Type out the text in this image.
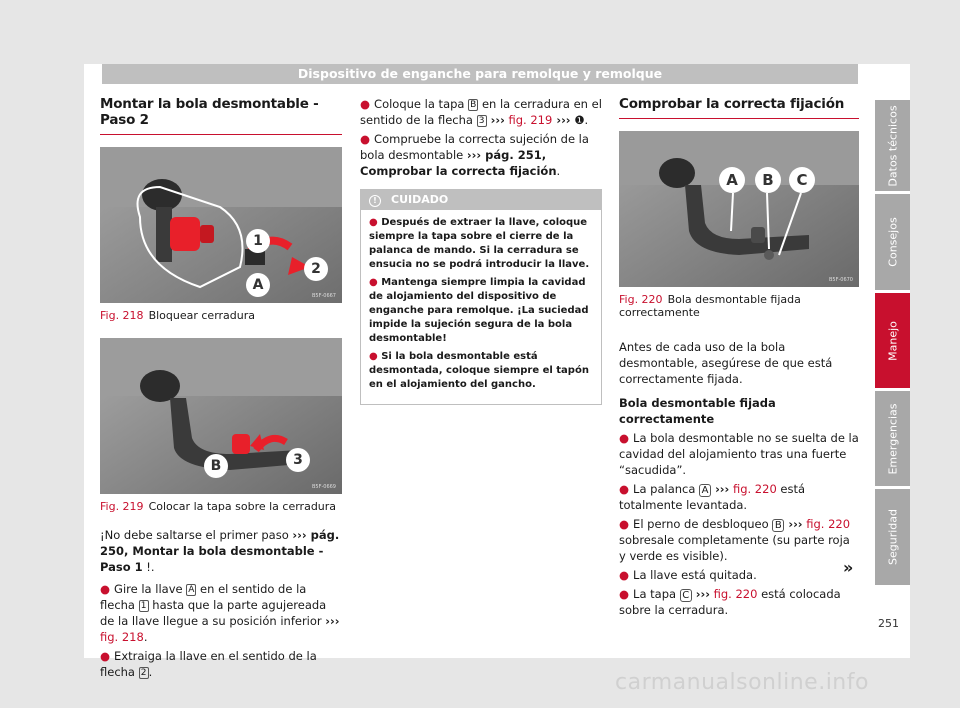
Dispositivo de enganche para remolque y remolque
Montar la bola desmontable - Paso 2
1
2
A
B5F-0667
Fig. 218 Bloquear cerradura
B	3
B5F-0669
Fig. 219 Colocar la tapa sobre la cerradura

¡No debe saltarse el primer paso ››› pág. 250, Montar la bola desmontable - Paso 1 !.

● Gire la llave A en el sentido de la flecha 1 hasta que la parte agujereada de la llave llegue a su posición inferior ››› fig. 218.
● Extraiga la llave en el sentido de la flecha 2 .
● Coloque la tapa B en la cerradura en el sentido de la flecha 3 ››› fig. 219 ››› ❶.
● Compruebe la correcta sujeción de la bola desmontable ››› pág. 251, Comprobar la correcta fijación.
! CUIDADO
● Después de extraer la llave, coloque siempre la tapa sobre el cierre de la palanca de mando. Si la cerradura se ensucia no se podrá introducir la llave.
● Mantenga siempre limpia la cavidad de alojamiento del dispositivo de enganche para remolque. ¡La suciedad impide la sujeción segura de la bola desmontable!
● Si la bola desmontable está desmontada, coloque siempre el tapón en el alojamiento del gancho.
Comprobar la correcta fijación
A	B	C
B5F-0670
Fig. 220 Bola desmontable fijada correctamente

Antes de cada uso de la bola desmontable, asegúrese de que está correctamente fijada.

Bola desmontable fijada correctamente

● La bola desmontable no se suelta de la cavidad del alojamiento tras una fuerte “sacudida”.
● La palanca A ››› fig. 220 está totalmente levantada.
● El perno de desbloqueo B ››› fig. 220 sobresale completamente (su parte roja y verde es visible).
● La llave está quitada.
● La tapa C ››› fig. 220 está colocada sobre la cerradura.
»
Datos técnicos
Consejos
Manejo
Emergencias
Seguridad
251
carmanualsonline.info
